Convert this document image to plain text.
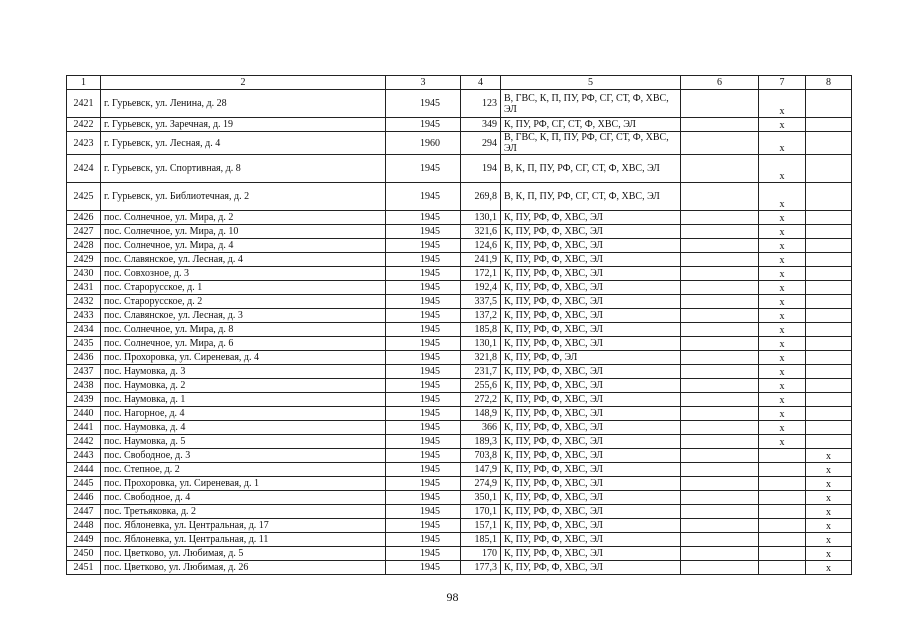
1	2	3	4	5	6	7	8
2421	г. Гурьевск, ул. Ленина, д. 28	1945	123	В, ГВС, К, П, ПУ, РФ, СГ, СТ, Ф, ХВС, ЭЛ		х	
2422	г. Гурьевск, ул. Заречная, д. 19	1945	349	К, ПУ, РФ, СГ, СТ, Ф, ХВС, ЭЛ		х	
2423	г. Гурьевск, ул. Лесная, д. 4	1960	294	В, ГВС, К, П, ПУ, РФ, СГ, СТ, Ф, ХВС, ЭЛ		х	
2424	г. Гурьевск, ул. Спортивная, д. 8	1945	194	В, К, П, ПУ, РФ, СГ, СТ, Ф, ХВС, ЭЛ		х	
2425	г. Гурьевск, ул. Библиотечная, д. 2	1945	269,8	В, К, П, ПУ, РФ, СГ, СТ, Ф, ХВС, ЭЛ		х	
2426	пос. Солнечное, ул. Мира, д. 2	1945	130,1	К, ПУ, РФ, Ф, ХВС, ЭЛ		х	
2427	пос. Солнечное, ул. Мира, д. 10	1945	321,6	К, ПУ, РФ, Ф, ХВС, ЭЛ		х	
2428	пос. Солнечное, ул. Мира, д. 4	1945	124,6	К, ПУ, РФ, Ф, ХВС, ЭЛ		х	
2429	пос. Славянское, ул. Лесная, д. 4	1945	241,9	К, ПУ, РФ, Ф, ХВС, ЭЛ		х	
2430	пос. Совхозное, д. 3	1945	172,1	К, ПУ, РФ, Ф, ХВС, ЭЛ		х	
2431	пос. Старорусское, д. 1	1945	192,4	К, ПУ, РФ, Ф, ХВС, ЭЛ		х	
2432	пос. Старорусское, д. 2	1945	337,5	К, ПУ, РФ, Ф, ХВС, ЭЛ		х	
2433	пос. Славянское, ул. Лесная, д. 3	1945	137,2	К, ПУ, РФ, Ф, ХВС, ЭЛ		х	
2434	пос. Солнечное, ул. Мира, д. 8	1945	185,8	К, ПУ, РФ, Ф, ХВС, ЭЛ		х	
2435	пос. Солнечное, ул. Мира, д. 6	1945	130,1	К, ПУ, РФ, Ф, ХВС, ЭЛ		х	
2436	пос. Прохоровка, ул. Сиреневая, д. 4	1945	321,8	К, ПУ, РФ, Ф, ЭЛ		х	
2437	пос. Наумовка, д. 3	1945	231,7	К, ПУ, РФ, Ф, ХВС, ЭЛ		х	
2438	пос. Наумовка, д. 2	1945	255,6	К, ПУ, РФ, Ф, ХВС, ЭЛ		х	
2439	пос. Наумовка, д. 1	1945	272,2	К, ПУ, РФ, Ф, ХВС, ЭЛ		х	
2440	пос. Нагорное, д. 4	1945	148,9	К, ПУ, РФ, Ф, ХВС, ЭЛ		х	
2441	пос. Наумовка, д. 4	1945	366	К, ПУ, РФ, Ф, ХВС, ЭЛ		х	
2442	пос. Наумовка, д. 5	1945	189,3	К, ПУ, РФ, Ф, ХВС, ЭЛ		х	
2443	пос. Свободное, д. 3	1945	703,8	К, ПУ, РФ, Ф, ХВС, ЭЛ			х
2444	пос. Степное, д. 2	1945	147,9	К, ПУ, РФ, Ф, ХВС, ЭЛ			х
2445	пос. Прохоровка, ул. Сиреневая, д. 1	1945	274,9	К, ПУ, РФ, Ф, ХВС, ЭЛ			х
2446	пос. Свободное, д. 4	1945	350,1	К, ПУ, РФ, Ф, ХВС, ЭЛ			х
2447	пос. Третьяковка, д. 2	1945	170,1	К, ПУ, РФ, Ф, ХВС, ЭЛ			х
2448	пос. Яблоневка, ул. Центральная, д. 17	1945	157,1	К, ПУ, РФ, Ф, ХВС, ЭЛ			х
2449	пос. Яблоневка, ул. Центральная, д. 11	1945	185,1	К, ПУ, РФ, Ф, ХВС, ЭЛ			х
2450	пос. Цветково, ул. Любимая, д. 5	1945	170	К, ПУ, РФ, Ф, ХВС, ЭЛ			х
2451	пос. Цветково, ул. Любимая, д. 26	1945	177,3	К, ПУ, РФ, Ф, ХВС, ЭЛ			х
98
